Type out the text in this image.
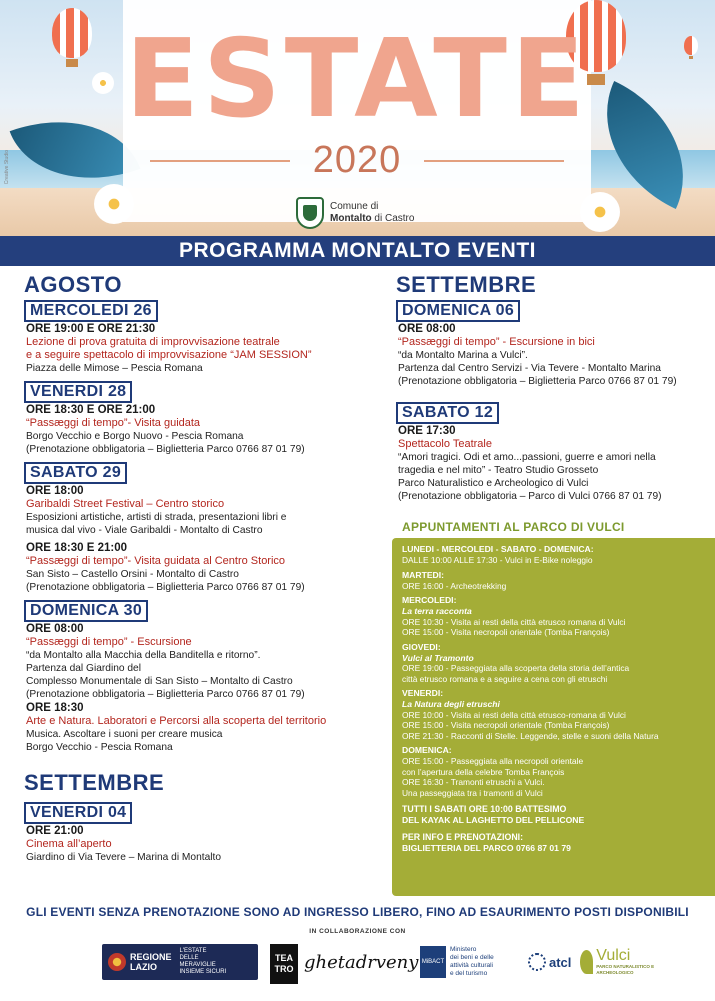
ESTATE
2020
Comune di
Montalto di Castro
Creative Studio
PROGRAMMA MONTALTO EVENTI
AGOSTO
MERCOLEDI 26
ORE 19:00 E ORE 21:30
Lezione di prova gratuita di improvvisazione teatrale
e a seguire spettacolo di improvvisazione “JAM SESSION”
Piazza delle Mimose – Pescia Romana
VENERDI 28
ORE 18:30 E ORE 21:00
“Passæggi di tempo”- Visita guidata
Borgo Vecchio e Borgo Nuovo - Pescia Romana
(Prenotazione obbligatoria – Biglietteria Parco 0766 87 01 79)
SABATO 29
ORE 18:00
Garibaldi Street Festival – Centro storico
Esposizioni artistiche, artisti di strada, presentazioni libri e
musica dal vivo - Viale Garibaldi - Montalto di Castro
ORE 18:30 E 21:00
“Passæggi di tempo”- Visita guidata al Centro Storico
San Sisto – Castello Orsini - Montalto di Castro
(Prenotazione obbligatoria – Biglietteria Parco 0766 87 01 79)
DOMENICA 30
ORE 08:00
“Passæggi di tempo” - Escursione
“da Montalto alla Macchia della Banditella e ritorno”.
Partenza dal Giardino del
Complesso Monumentale di San Sisto – Montalto di Castro
(Prenotazione obbligatoria – Biglietteria Parco 0766 87 01 79)
ORE 18:30
Arte e Natura. Laboratori e Percorsi alla scoperta del territorio
Musica. Ascoltare i suoni per creare musica
Borgo Vecchio - Pescia Romana
SETTEMBRE
VENERDI 04
ORE 21:00
Cinema all’aperto
Giardino di Via Tevere – Marina di Montalto
SETTEMBRE
DOMENICA 06
ORE 08:00
“Passæggi di tempo” - Escursione in bici
“da Montalto Marina a Vulci”.
Partenza dal Centro Servizi - Via Tevere - Montalto Marina
(Prenotazione obbligatoria – Biglietteria Parco 0766 87 01 79)
SABATO 12
ORE 17:30
Spettacolo Teatrale
“Amori tragici. Odi et amo...passioni, guerre e amori nella
tragedia e nel mito” - Teatro Studio Grosseto
Parco Naturalistico e Archeologico di Vulci
(Prenotazione obbligatoria – Parco di Vulci 0766 87 01 79)
APPUNTAMENTI AL PARCO DI VULCI
LUNEDI - MERCOLEDI - SABATO - DOMENICA:
DALLE 10:00 ALLE 17:30 - Vulci in E-Bike noleggio
MARTEDI:
ORE 16:00 - Archeotrekking
MERCOLEDI:
La terra racconta
ORE 10:30 - Visita ai resti della città etrusco romana di Vulci
ORE 15:00 - Visita necropoli orientale (Tomba François)
GIOVEDI:
Vulci al Tramonto
ORE 19:00 - Passeggiata alla scoperta della storia dell’antica
città etrusco romana e a seguire a cena con gli etruschi
VENERDI:
La Natura degli etruschi
ORE 10:00 - Visita ai resti della città etrusco-romana di Vulci
ORE 15:00 - Visita necropoli orientale (Tomba François)
ORE 21:30 - Racconti di Stelle. Leggende, stelle e suoni della Natura
DOMENICA:
ORE 15:00 - Passeggiata alla necropoli orientale
con l’apertura della celebre Tomba François
ORE 16:30 - Tramonti etruschi a Vulci.
Una passeggiata tra i tramonti di Vulci
TUTTI I SABATI ORE 10:00 BATTESIMO
DEL KAYAK AL LAGHETTO DEL PELLICONE
PER INFO E PRENOTAZIONI:
BIGLIETTERIA DEL PARCO 0766 87 01 79
GLI EVENTI SENZA PRENOTAZIONE SONO AD INGRESSO LIBERO, FINO AD ESAURIMENTO POSTI DISPONIBILI
IN COLLABORAZIONE CON
REGIONE
LAZIO
L'ESTATE
DELLE
MERAVIGLIE
INSIEME SICURI
TEA
TRO ghetadrveny MiBACT
Ministero
dei beni e delle
attività culturali
e del turismo
atcl Vulci
PARCO NATURALISTICO E ARCHEOLOGICO
